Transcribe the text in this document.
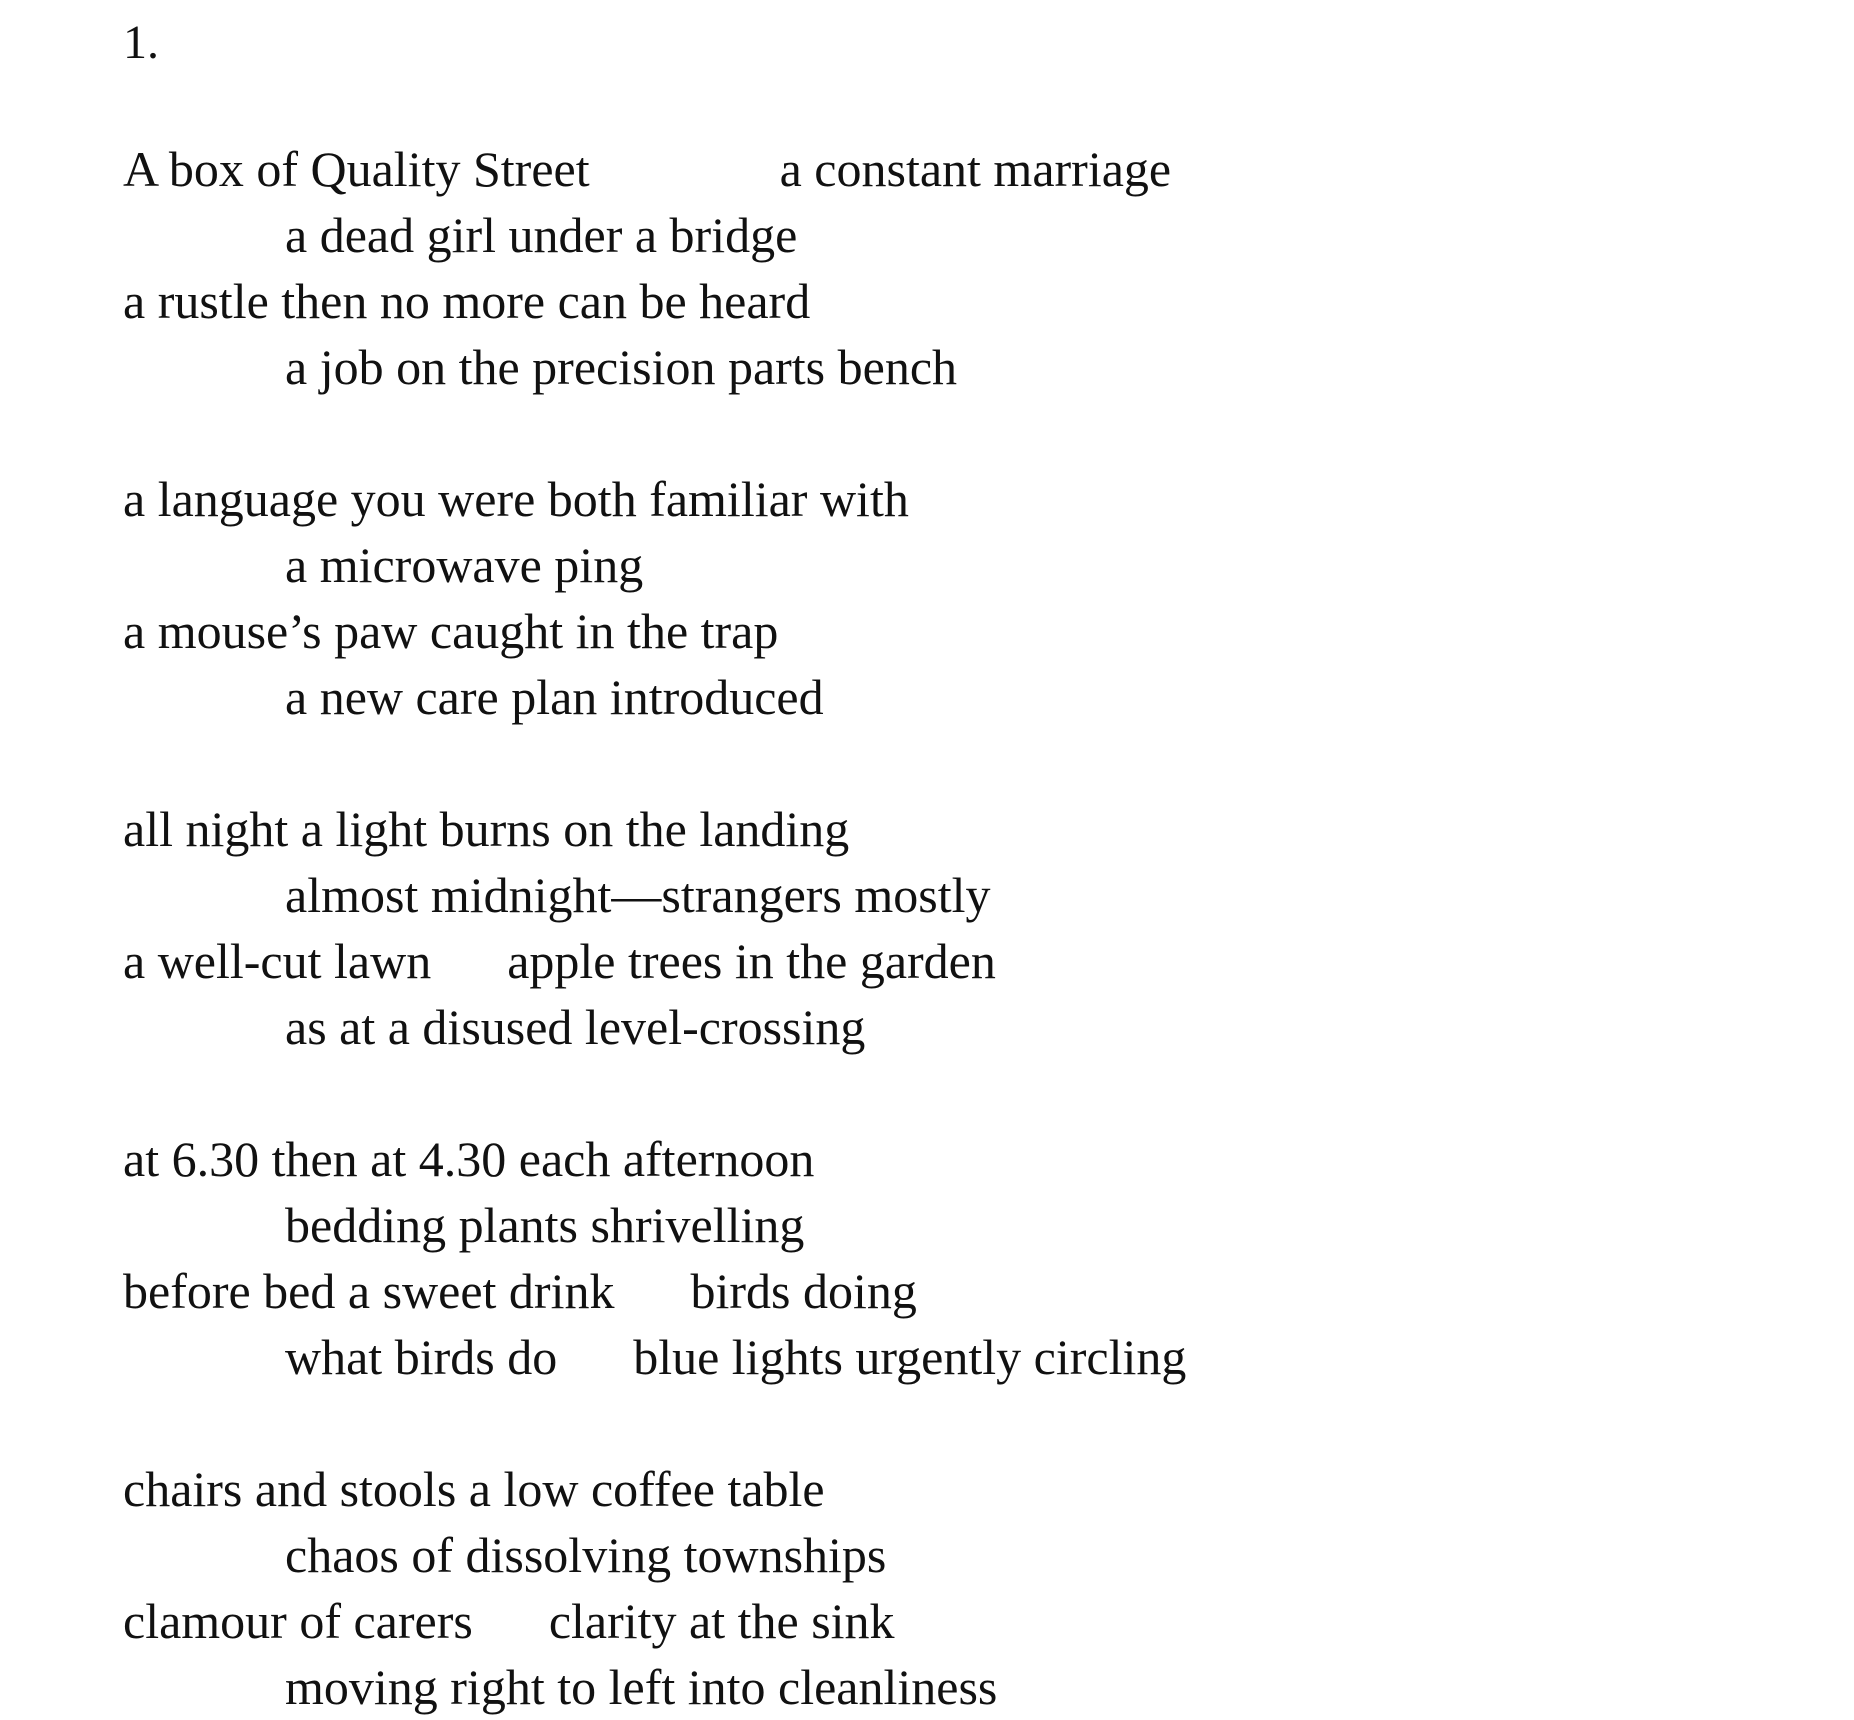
1.

A box of Quality Street	a constant marriage
a dead girl under a bridge
a rustle then no more can be heard
a job on the precision parts bench
a language you were both familiar with
a microwave ping
a mouse’s paw caught in the trap
a new care plan introduced
all night a light burns on the landing
almost midnight—strangers mostly
a well-cut lawn apple trees in the garden
as at a disused level-crossing
at 6.30 then at 4.30 each afternoon
bedding plants shrivelling
before bed a sweet drink birds doing
what birds do blue lights urgently circling
chairs and stools a low coffee table
chaos of dissolving townships
clamour of carers clarity at the sink
moving right to left into cleanliness
